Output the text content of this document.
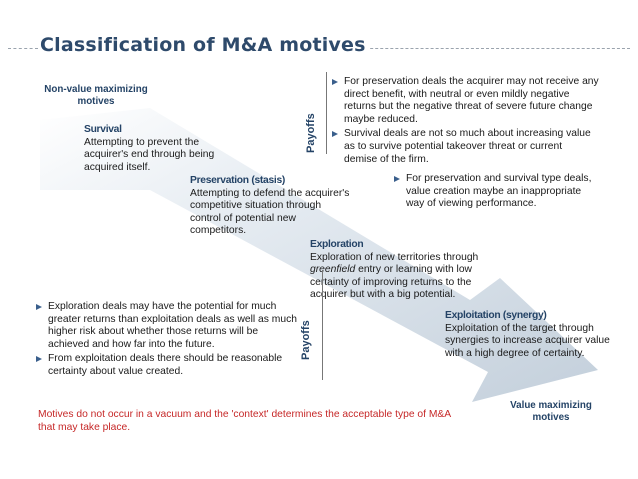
Classification of M&A motives
Non-value maximizing
motives
Value maximizing
motives
Survival
Attempting to prevent the
acquirer's end through being
acquired itself.
Preservation (stasis)
Attempting to defend the acquirer's
competitive situation through
control of potential new
competitors.
Exploration
Exploration of new territories through
greenfield entry or learning with low
certainty of improving returns to the
acquirer but with a big potential.
Exploitation (synergy)
Exploitation of the target through
synergies to increase acquirer value
with a high degree of certainty.
Payoffs
For preservation deals the acquirer may not receive any
direct benefit, with neutral or even mildly negative
returns but the negative threat of severe future change
maybe reduced.
Survival deals are not so much about increasing value
as to survive potential takeover threat or current
demise of the firm.
For preservation and survival type deals,
value creation maybe an inappropriate
way of viewing performance.
Payoffs
Exploration deals may have the potential for much
greater returns than exploitation deals as well as much
higher risk about whether those returns will be
achieved and how far into the future.
From exploitation deals there should be reasonable
certainty about value created.
Motives do not occur in a vacuum and the 'context' determines the acceptable type of M&A
that may take place.
